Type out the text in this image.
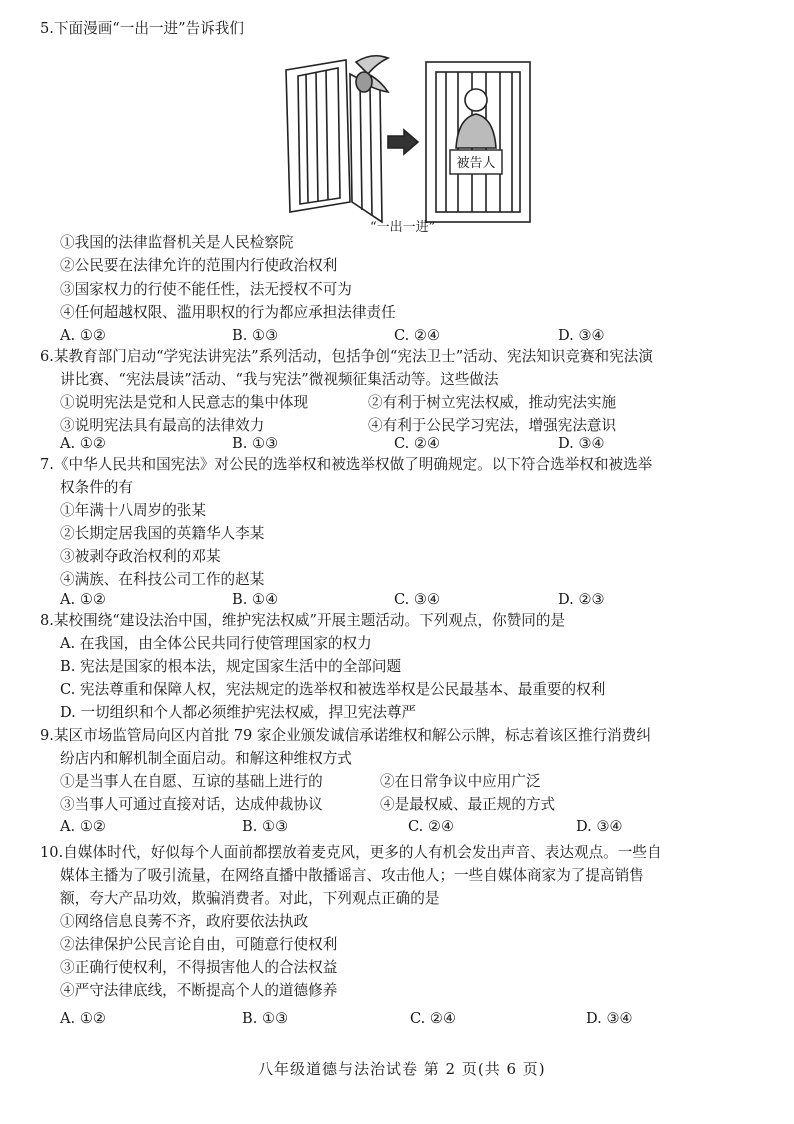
5.下面漫画“一出一进”告诉我们
被告人
“一出一进”
①我国的法律监督机关是人民检察院
②公民要在法律允许的范围内行使政治权利
③国家权力的行使不能任性，法无授权不可为
④任何超越权限、滥用职权的行为都应承担法律责任
A. ①②	B. ①③	C. ②④	D. ③④
6.某教育部门启动“学宪法讲宪法”系列活动，包括争创“宪法卫士”活动、宪法知识竞赛和宪法演
讲比赛、“宪法晨读”活动、“我与宪法”微视频征集活动等。这些做法
①说明宪法是党和人民意志的集中体现	②有利于树立宪法权威，推动宪法实施
③说明宪法具有最高的法律效力	④有利于公民学习宪法，增强宪法意识
A. ①②	B. ①③	C. ②④	D. ③④
7.《中华人民共和国宪法》对公民的选举权和被选举权做了明确规定。以下符合选举权和被选举
权条件的有
①年满十八周岁的张某
②长期定居我国的英籍华人李某
③被剥夺政治权利的邓某
④满族、在科技公司工作的赵某
A. ①②	B. ①④	C. ③④	D. ②③
8.某校围绕“建设法治中国，维护宪法权威”开展主题活动。下列观点，你赞同的是
A. 在我国，由全体公民共同行使管理国家的权力
B. 宪法是国家的根本法，规定国家生活中的全部问题
C. 宪法尊重和保障人权，宪法规定的选举权和被选举权是公民最基本、最重要的权利
D. 一切组织和个人都必须维护宪法权威，捍卫宪法尊严
9.某区市场监管局向区内首批 79 家企业颁发诚信承诺维权和解公示牌，标志着该区推行消费纠
纷店内和解机制全面启动。和解这种维权方式
①是当事人在自愿、互谅的基础上进行的	②在日常争议中应用广泛
③当事人可通过直接对话，达成仲裁协议	④是最权威、最正规的方式
A. ①②	B. ①③	C. ②④	D. ③④
10.自媒体时代，好似每个人面前都摆放着麦克风，更多的人有机会发出声音、表达观点。一些自
媒体主播为了吸引流量，在网络直播中散播谣言、攻击他人；一些自媒体商家为了提高销售
额，夸大产品功效，欺骗消费者。对此，下列观点正确的是
①网络信息良莠不齐，政府要依法执政
②法律保护公民言论自由，可随意行使权利
③正确行使权利，不得损害他人的合法权益
④严守法律底线，不断提高个人的道德修养
A. ①②	B. ①③	C. ②④	D. ③④
八年级道德与法治试卷 第 2 页(共 6 页)
